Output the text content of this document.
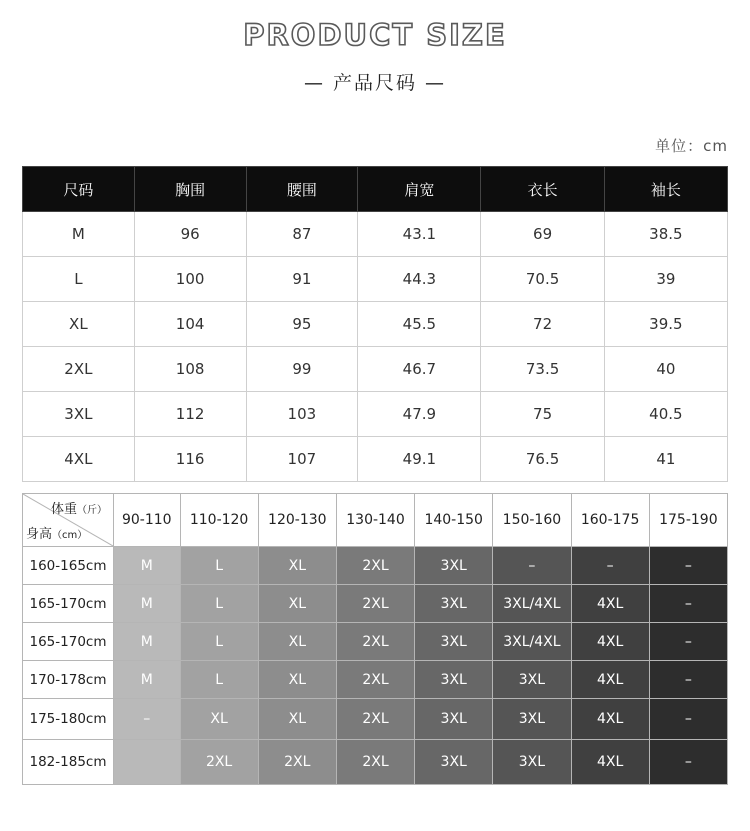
PRODUCT SIZE
— 产品尺码 —
单位：cm
尺码	胸围	腰围	肩宽	衣长	袖长
M	96	87	43.1	69	38.5
L	100	91	44.3	70.5	39
XL	104	95	45.5	72	39.5
2XL	108	99	46.7	73.5	40
3XL	112	103	47.9	75	40.5
4XL	116	107	49.1	76.5	41
体重（斤）
身高（cm）	90-110	110-120	120-130	130-140	140-150	150-160	160-175	175-190
160-165cm	M	L	XL	2XL	3XL	–	–	–
165-170cm	M	L	XL	2XL	3XL	3XL/4XL	4XL	–
165-170cm	M	L	XL	2XL	3XL	3XL/4XL	4XL	–
170-178cm	M	L	XL	2XL	3XL	3XL	4XL	–
175-180cm	–	XL	XL	2XL	3XL	3XL	4XL	–
182-185cm		2XL	2XL	2XL	3XL	3XL	4XL	–
